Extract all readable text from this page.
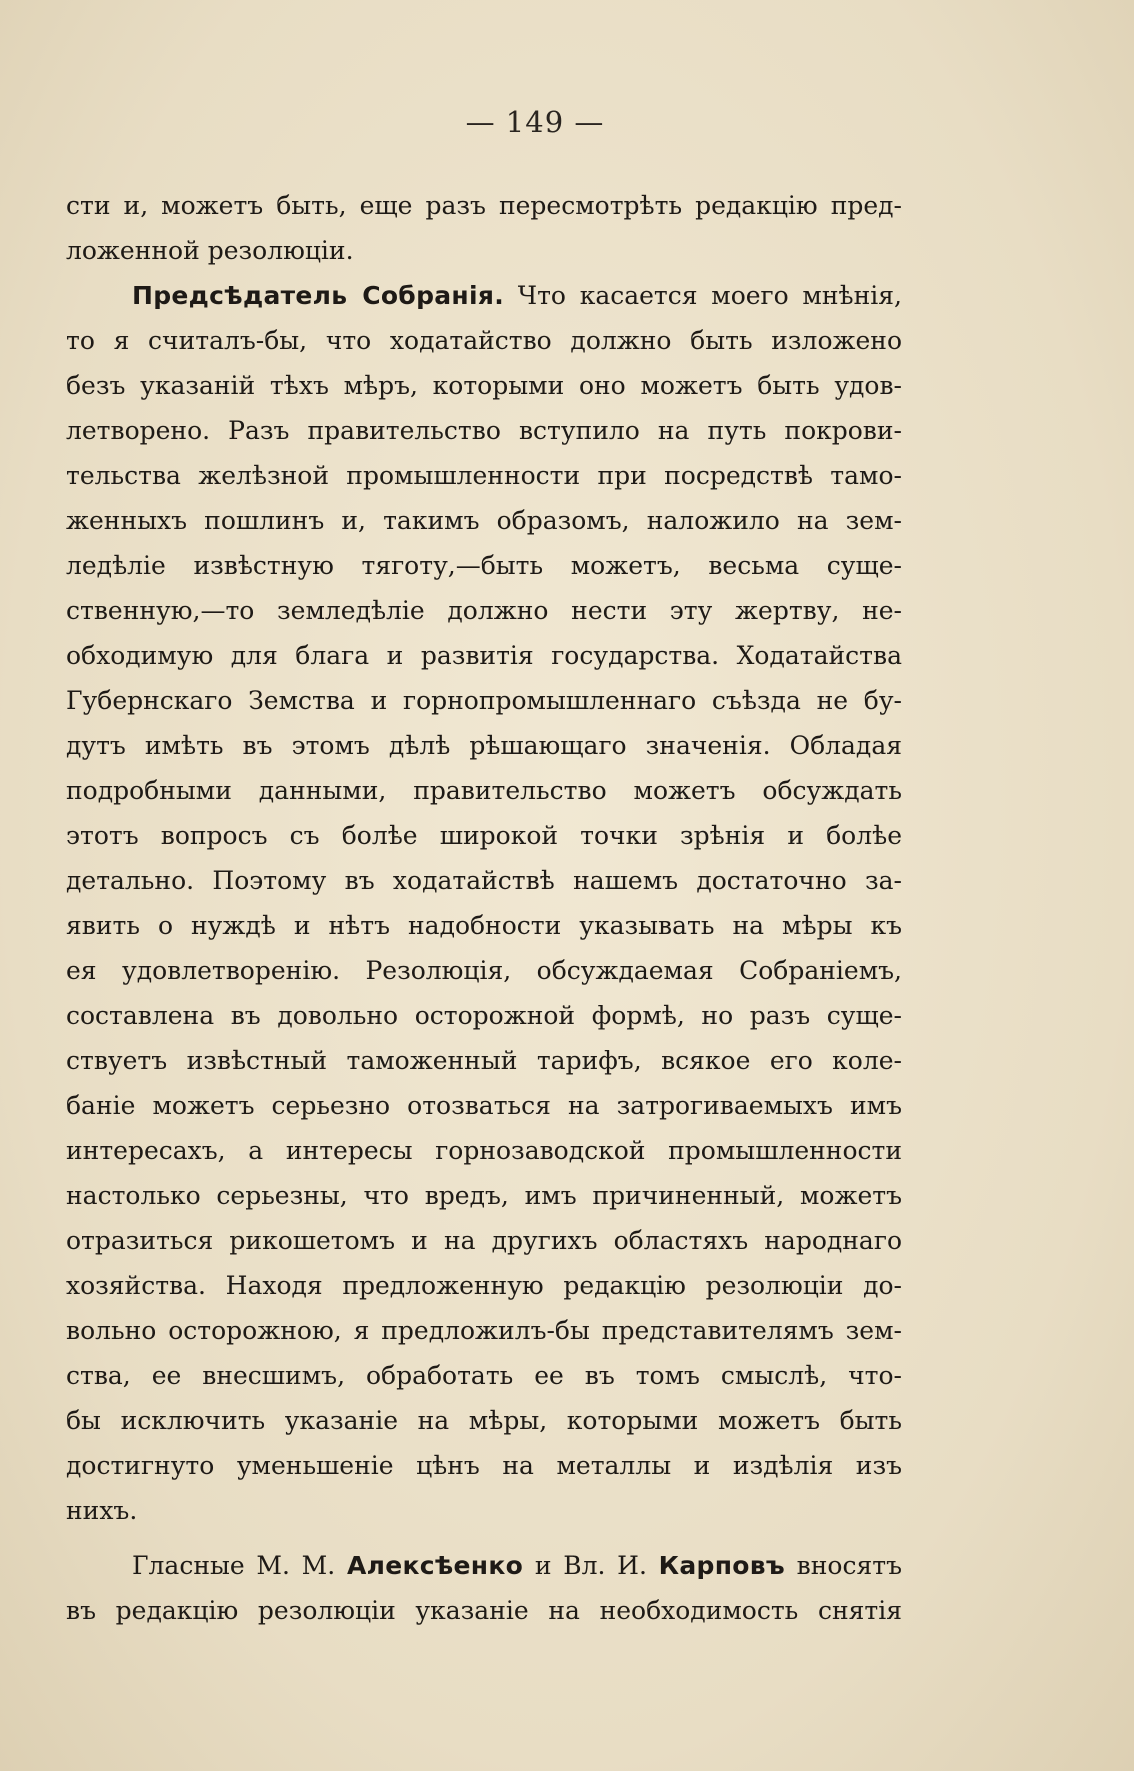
— 149 —
сти и, можетъ быть, еще разъ пересмотрѣть редакцію пред-
ложенной резолюціи.
Предсѣдатель Собранія. Что касается моего мнѣнія,
то я считалъ-бы, что ходатайство должно быть изложено
безъ указаній тѣхъ мѣръ, которыми оно можетъ быть удов-
летворено. Разъ правительство вступило на путь покрови-
тельства желѣзной промышленности при посредствѣ тамо-
женныхъ пошлинъ и, такимъ образомъ, наложило на зем-
ледѣліе извѣстную тяготу,—быть можетъ, весьма суще-
ственную,—то земледѣліе должно нести эту жертву, не-
обходимую для блага и развитія государства. Ходатайства
Губернскаго Земства и горнопромышленнаго съѣзда не бу-
дутъ имѣть въ этомъ дѣлѣ рѣшающаго значенія. Обладая
подробными данными, правительство можетъ обсуждать
этотъ вопросъ съ болѣе широкой точки зрѣнія и болѣе
детально. Поэтому въ ходатайствѣ нашемъ достаточно за-
явить о нуждѣ и нѣтъ надобности указывать на мѣры къ
ея удовлетворенію. Резолюція, обсуждаемая Собраніемъ,
составлена въ довольно осторожной формѣ, но разъ суще-
ствуетъ извѣстный таможенный тарифъ, всякое его коле-
баніе можетъ серьезно отозваться на затрогиваемыхъ имъ
интересахъ, а интересы горнозаводской промышленности
настолько серьезны, что вредъ, имъ причиненный, можетъ
отразиться рикошетомъ и на другихъ областяхъ народнаго
хозяйства. Находя предложенную редакцію резолюціи до-
вольно осторожною, я предложилъ-бы представителямъ зем-
ства, ее внесшимъ, обработать ее въ томъ смыслѣ, что-
бы исключить указаніе на мѣры, которыми можетъ быть
достигнуто уменьшеніе цѣнъ на металлы и издѣлія изъ
нихъ.
Гласные М. М. Алексѣенко и Вл. И. Карповъ вносятъ
въ редакцію резолюціи указаніе на необходимость снятія
